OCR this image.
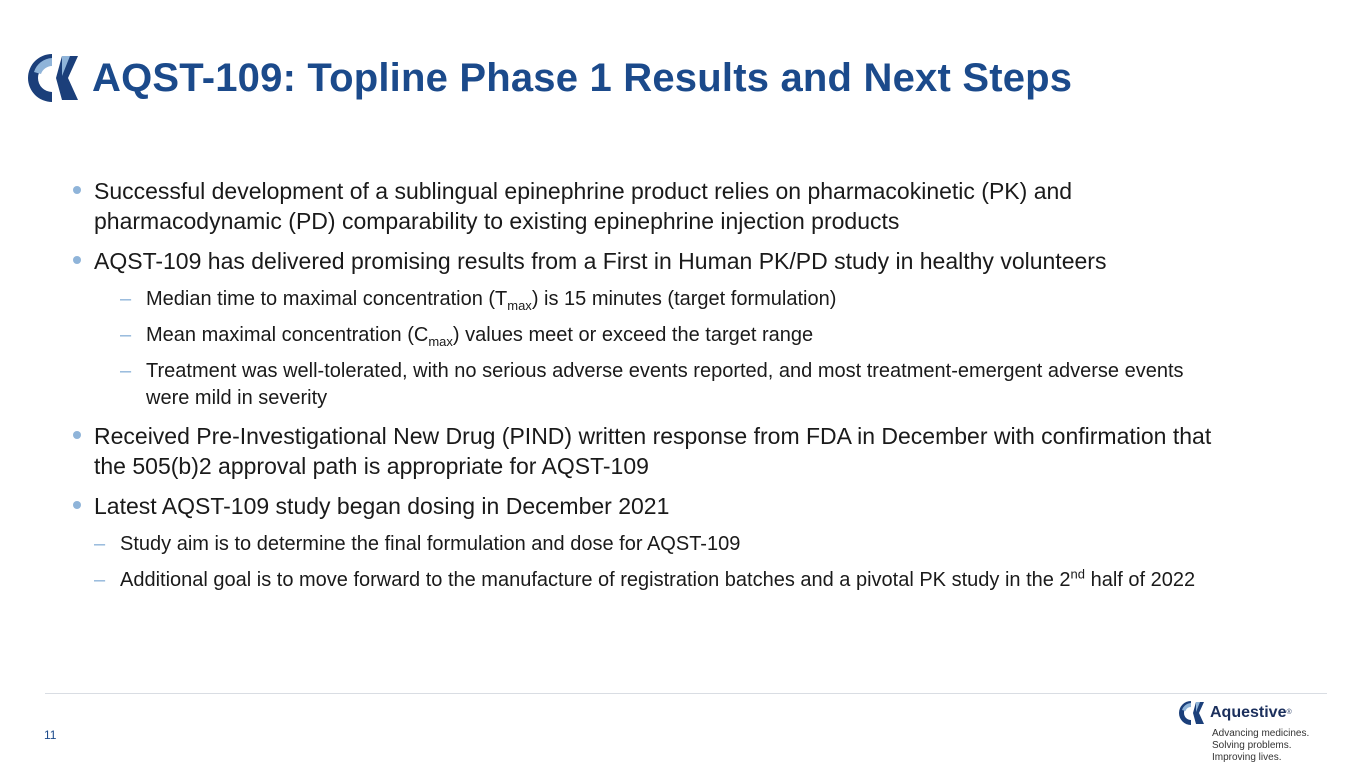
AQST-109: Topline Phase 1 Results and Next Steps
Successful development of a sublingual epinephrine product relies on pharmacokinetic (PK) and pharmacodynamic (PD) comparability to existing epinephrine injection products
AQST-109 has delivered promising results from a First in Human PK/PD study in healthy volunteers
– Median time to maximal concentration $(T_{max})$ is 15 minutes (target formulation)
– Mean maximal concentration $(C_{max})$ values meet or exceed the target range
– Treatment was well-tolerated, with no serious adverse events reported, and most treatment-emergent adverse events were mild in severity
Received Pre-Investigational New Drug (PIND) written response from FDA in December with confirmation that the 505(b)2 approval path is appropriate for AQST-109
Latest AQST-109 study began dosing in December 2021
– Study aim is to determine the final formulation and dose for AQST-109
– Additional goal is to move forward to the manufacture of registration batches and a pivotal PK study in the 2nd half of 2022
11
Aquestive ®
Advancing medicines.
Solving problems.
Improving lives.
